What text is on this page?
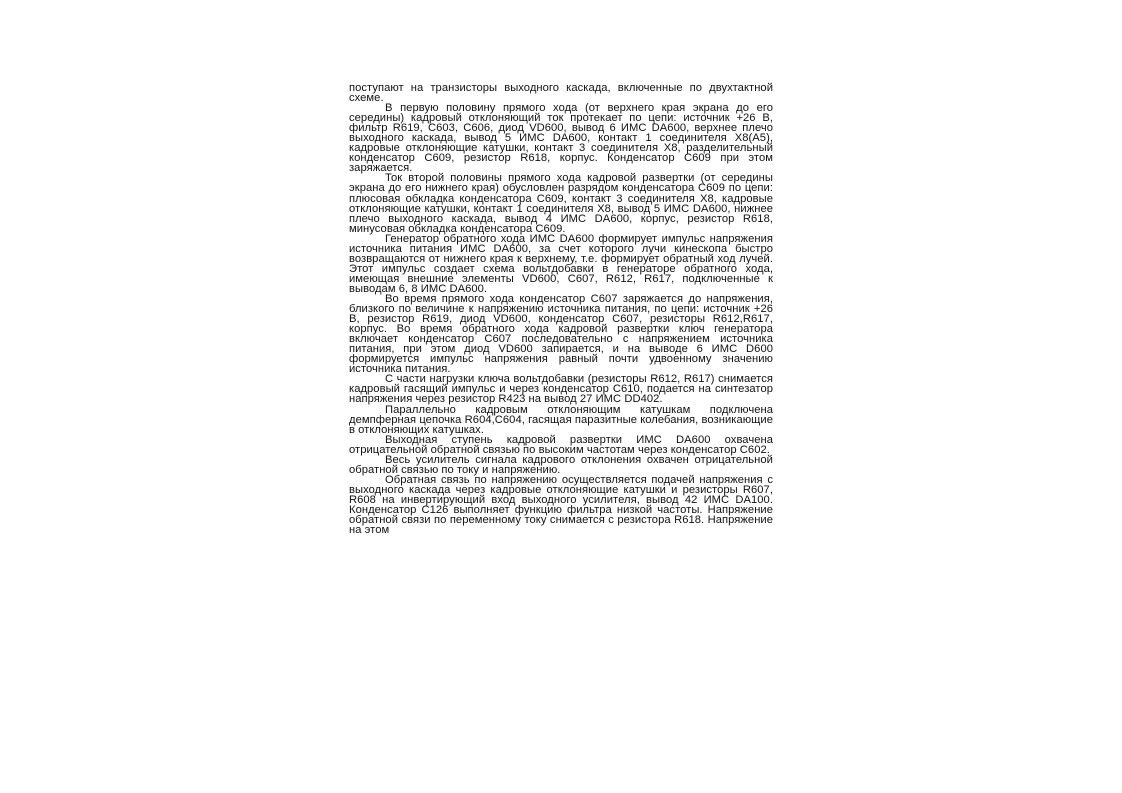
поступают на транзисторы выходного каскада, включенные по двухтактной схеме.

В первую половину прямого хода (от верхнего края экрана до его середины) кадровый отклоняющий ток протекает по цепи: источник +26 В, фильтр R619, C603, C606, диод VD600, вывод 6 ИМС DA600, верхнее плечо выходного каскада, вывод 5 ИМС DA600, контакт 1 соединителя X8(A5), кадровые отклоняющие катушки, контакт 3 соединителя X8, разделительный конденсатор C609, резистор R618, корпус. Конденсатор C609 при этом заряжается.

Ток второй половины прямого хода кадровой развертки (от середины экрана до его нижнего края) обусловлен разрядом конденсатора C609 по цепи: плюсовая обкладка конденсатора C609, контакт 3 соединителя X8, кадровые отклоняющие катушки, контакт 1 соединителя X8, вывод 5 ИМС DA600, нижнее плечо выходного каскада, вывод 4 ИМС DA600, корпус, резистор R618, минусовая обкладка конденсатора C609.

Генератор обратного хода ИМС DA600 формирует импульс напряжения источника питания ИМС DA600, за счет которого лучи кинескопа быстро возвращаются от нижнего края к верхнему, т.е. формирует обратный ход лучей. Этот импульс создает схема вольтдобавки в генераторе обратного хода, имеющая внешние элементы VD600, C607, R612, R617, подключенные к выводам 6, 8 ИМС DA600.

Во время прямого хода конденсатор C607 заряжается до напряжения, близкого по величине к напряжению источника питания, по цепи: источник +26 В, резистор R619, диод VD600, конденсатор C607, резисторы R612,R617, корпус. Во время обратного хода кадровой развертки ключ генератора включает конденсатор C607 последовательно с напряжением источника питания, при этом диод VD600 запирается, и на выводе 6 ИМС D600 формируется импульс напряжения равный почти удвоенному значению источника питания.

С части нагрузки ключа вольтдобавки (резисторы R612, R617) снимается кадровый гасящий импульс и через конденсатор C610, подается на синтезатор напряжения через резистор R423 на вывод 27 ИМС DD402.

Параллельно кадровым отклоняющим катушкам подключена демпферная цепочка R604,C604, гасящая паразитные колебания, возникающие в отклоняющих катушках.

Выходная ступень кадровой развертки ИМС DA600 охвачена отрицательной обратной связью по высоким частотам через конденсатор C602.

Весь усилитель сигнала кадрового отклонения охвачен отрицательной обратной связью по току и напряжению.

Обратная связь по напряжению осуществляется подачей напряжения с выходного каскада через кадровые отклоняющие катушки и резисторы R607, R608 на инвертирующий вход выходного усилителя, вывод 42 ИМС DA100. Конденсатор C126 выполняет функцию фильтра низкой частоты. Напряжение обратной связи по переменному току снимается с резистора R618. Напряжение на этом
